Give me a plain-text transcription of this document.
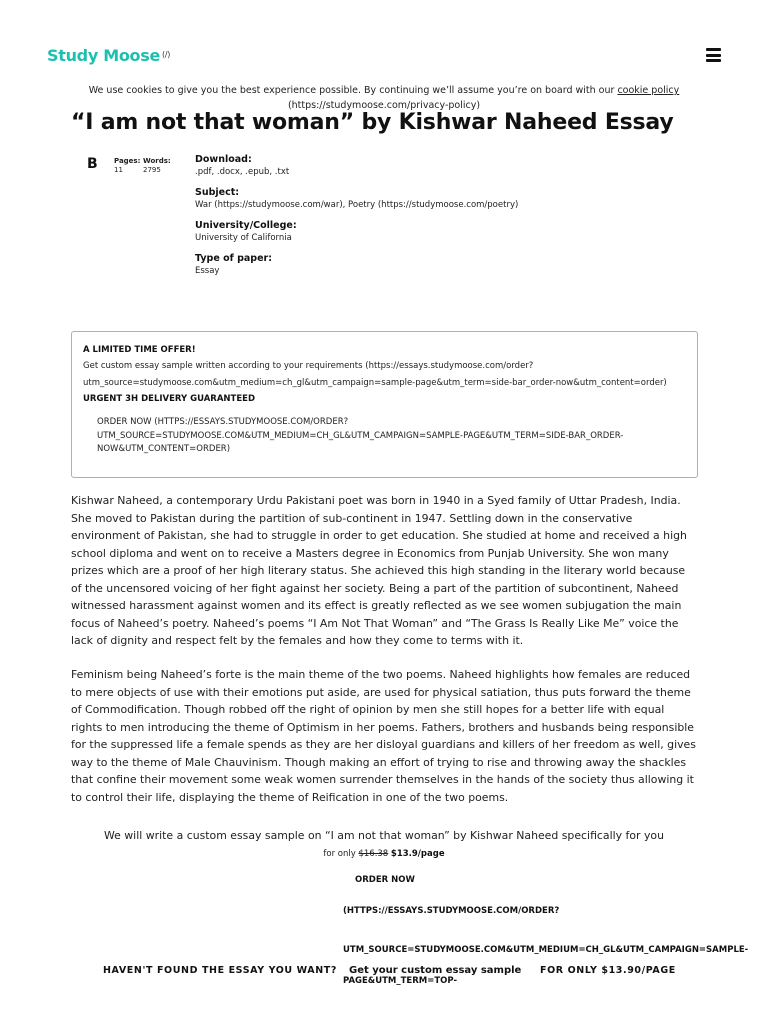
Study Moose (/)
We use cookies to give you the best experience possible. By continuing we’ll assume you’re on board with our cookie policy
(https://studymoose.com/privacy-policy)
“I am not that woman” by Kishwar Naheed Essay
B Pages:
11
Words:
2795
Download:
.pdf, .docx, .epub, .txt
Subject:
War (https://studymoose.com/war), Poetry (https://studymoose.com/poetry)
University/College:
University of California
Type of paper:
Essay
A LIMITED TIME OFFER!
Get custom essay sample written according to your requirements (https://essays.studymoose.com/order?utm_source=studymoose.com&utm_medium=ch_gl&utm_campaign=sample-page&utm_term=side-bar_order-now&utm_content=order)
URGENT 3H DELIVERY GUARANTEED
ORDER NOW (HTTPS://ESSAYS.STUDYMOOSE.COM/ORDER?UTM_SOURCE=STUDYMOOSE.COM&UTM_MEDIUM=CH_GL&UTM_CAMPAIGN=SAMPLE-PAGE&UTM_TERM=SIDE-BAR_ORDER-NOW&UTM_CONTENT=ORDER)

Kishwar Naheed, a contemporary Urdu Pakistani poet was born in 1940 in a Syed family of Uttar Pradesh, India. She moved to Pakistan during the partition of sub-continent in 1947. Settling down in the conservative environment of Pakistan, she had to struggle in order to get education. She studied at home and received a high school diploma and went on to receive a Masters degree in Economics from Punjab University. She won many prizes which are a proof of her high literary status. She achieved this high standing in the literary world because of the uncensored voicing of her fight against her society. Being a part of the partition of subcontinent, Naheed witnessed harassment against women and its effect is greatly reflected as we see women subjugation the main focus of Naheed’s poetry. Naheed’s poems “I Am Not That Woman” and “The Grass Is Really Like Me” voice the lack of dignity and respect felt by the females and how they come to terms with it.

Feminism being Naheed’s forte is the main theme of the two poems. Naheed highlights how females are reduced to mere objects of use with their emotions put aside, are used for physical satiation, thus puts forward the theme of Commodification. Though robbed off the right of opinion by men she still hopes for a better life with equal rights to men introducing the theme of Optimism in her poems. Fathers, brothers and husbands being responsible for the suppressed life a female spends as they are her disloyal guardians and killers of her freedom as well, gives way to the theme of Male Chauvinism. Though making an effort of trying to rise and throwing away the shackles that confine their movement some weak women surrender themselves in the hands of the society thus allowing it to control their life, displaying the theme of Reification in one of the two poems.

We will write a custom essay sample on “I am not that woman” by Kishwar Naheed specifically for you
for only $16.38 $13.9/page
ORDER NOW
(HTTPS://ESSAYS.STUDYMOOSE.COM/ORDER?
UTM_SOURCE=STUDYMOOSE.COM&UTM_MEDIUM=CH_GL&UTM_CAMPAIGN=SAMPLE-
HAVEN'T FOUND THE ESSAY YOU WANT? Get your custom essay sample FOR ONLY $13.90/PAGE
PAGE&UTM_TERM=TOP-
